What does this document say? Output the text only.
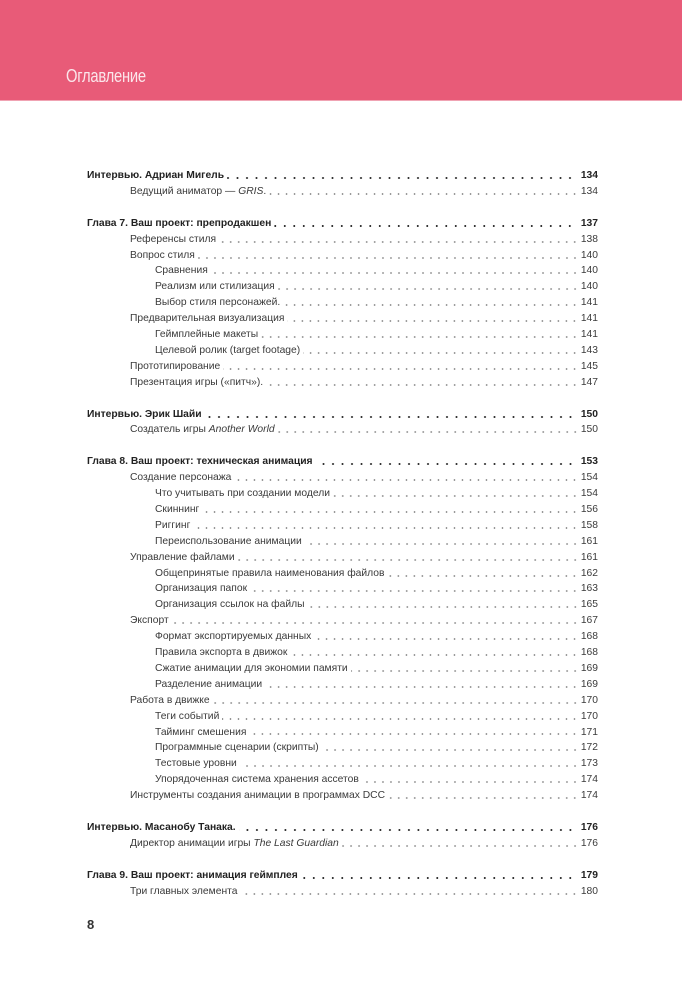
Оглавление
Интервью. Адриан Мигель	134
Ведущий аниматор — GRIS.	134
Глава 7. Ваш проект: препродакшен	137
Референсы стиля	138
Вопрос стиля	140
Сравнения	140
Реализм или стилизация	140
Выбор стиля персонажей.	141
Предварительная визуализация	141
Геймплейные макеты	141
Целевой ролик (target footage)	143
Прототипирование	145
Презентация игры («питч»).	147
Интервью. Эрик Шайи	150
Создатель игры Another World	150
Глава 8. Ваш проект: техническая анимация	153
Создание персонажа	154
Что учитывать при создании модели	154
Скиннинг	156
Риггинг	158
Переиспользование анимации	161
Управление файлами	161
Общепринятые правила наименования файлов	162
Организация папок	163
Организация ссылок на файлы	165
Экспорт	167
Формат экспортируемых данных	168
Правила экспорта в движок	168
Сжатие анимации для экономии памяти	169
Разделение анимации	169
Работа в движке	170
Теги событий	170
Тайминг смешения	171
Программные сценарии (скрипты)	172
Тестовые уровни	173
Упорядоченная система хранения ассетов	174
Инструменты создания анимации в программах DCC	174
Интервью. Масанобу Танака.	176
Директор анимации игры The Last Guardian	176
Глава 9. Ваш проект: анимация геймплея	179
Три главных элемента	180
8
